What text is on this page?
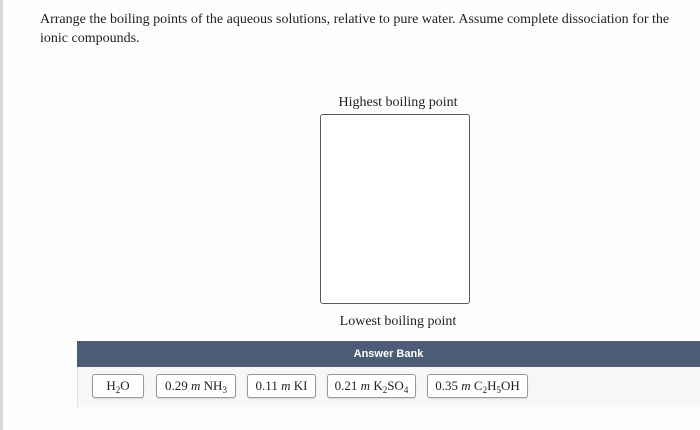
Arrange the boiling points of the aqueous solutions, relative to pure water. Assume complete dissociation for the ionic compounds.

Highest boiling point
Lowest boiling point
Answer Bank
$H_2O$	0.29 m $NH_3$ 0.11 m KI 0.21 m $K_2SO_4$ 0.35 m $C_2H_5OH$
